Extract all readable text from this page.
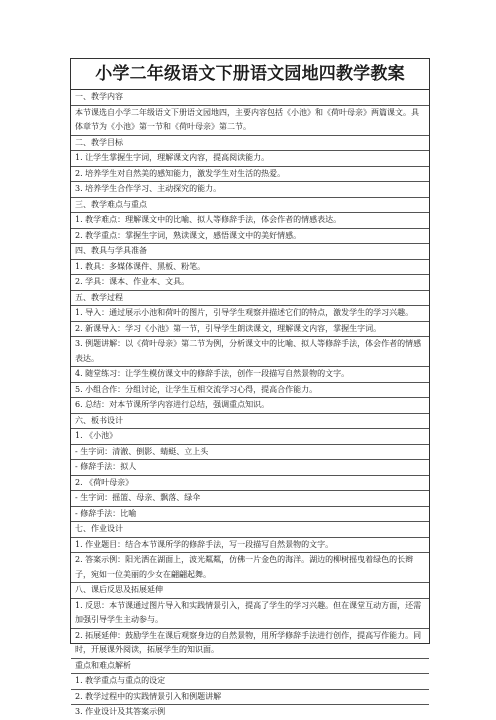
小学二年级语文下册语文园地四教学教案
一、教学内容
本节课选自小学二年级语文下册语文园地四，主要内容包括《小池》和《荷叶母亲》两篇课文。具体章节为《小池》第一节和《荷叶母亲》第二节。
二、教学目标
1. 让学生掌握生字词，理解课文内容，提高阅读能力。
2. 培养学生对自然美的感知能力，激发学生对生活的热爱。
3. 培养学生合作学习、主动探究的能力。
三、教学难点与重点
1. 教学难点：理解课文中的比喻、拟人等修辞手法，体会作者的情感表达。
2. 教学重点：掌握生字词，熟读课文，感悟课文中的美好情感。
四、教具与学具准备
1. 教具：多媒体课件、黑板、粉笔。
2. 学具：课本、作业本、文具。
五、教学过程
1. 导入：通过展示小池和荷叶的图片，引导学生观察并描述它们的特点，激发学生的学习兴趣。
2. 新课导入：学习《小池》第一节，引导学生朗读课文，理解课文内容，掌握生字词。
3. 例题讲解：以《荷叶母亲》第二节为例，分析课文中的比喻、拟人等修辞手法，体会作者的情感表达。
4. 随堂练习：让学生模仿课文中的修辞手法，创作一段描写自然景物的文字。
5. 小组合作：分组讨论，让学生互相交流学习心得，提高合作能力。
6. 总结：对本节课所学内容进行总结，强调重点知识。
六、板书设计
1. 《小池》
- 生字词：清澈、倒影、蜻蜓、立上头
- 修辞手法：拟人
2. 《荷叶母亲》
- 生字词：摇篮、母亲、飘落、绿伞
- 修辞手法：比喻
七、作业设计
1. 作业题目：结合本节课所学的修辞手法，写一段描写自然景物的文字。
2. 答案示例：阳光洒在湖面上，波光粼粼，仿佛一片金色的海洋。湖边的柳树摇曳着绿色的长辫子，宛如一位美丽的少女在翩翩起舞。
八、课后反思及拓展延伸
1. 反思：本节课通过图片导入和实践情景引入，提高了学生的学习兴趣。但在课堂互动方面，还需加强引导学生主动参与。
2. 拓展延伸：鼓励学生在课后观察身边的自然景物，用所学修辞手法进行创作，提高写作能力。同时，开展课外阅读，拓展学生的知识面。
重点和难点解析
1. 教学重点与重点的设定
2. 教学过程中的实践情景引入和例题讲解
3. 作业设计及其答案示例
